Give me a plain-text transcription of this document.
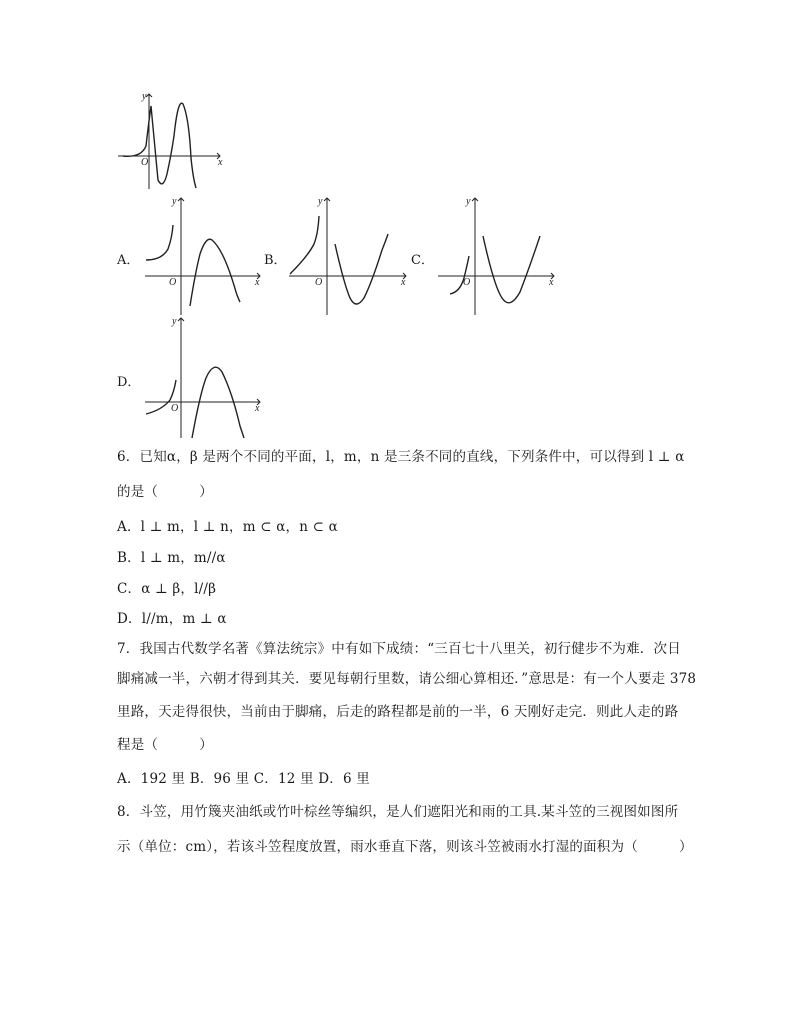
y
x
O
A．
y
x
O
B．
y
x
O
C．
y
x
O
D．
y
x
O
6．已知α，β 是两个不同的平面，l，m，n 是三条不同的直线，下列条件中，可以得到 l ⊥ α
的是（　　　）
A．l ⊥ m，l ⊥ n，m ⊂ α，n ⊂ α
B．l ⊥ m，m//α
C．α ⊥ β，l//β
D．l//m，m ⊥ α
7．我国古代数学名著《算法统宗》中有如下成绩：“三百七十八里关，初行健步不为难．次日
脚痛减一半，六朝才得到其关．要见每朝行里数，请公细心算相还．”意思是：有一个人要走 378
里路，天走得很快，当前由于脚痛，后走的路程都是前的一半，6 天刚好走完．则此人走的路
程是（　　　）
A．192 里 B．96 里 C．12 里 D．6 里
8．斗笠，用竹篾夹油纸或竹叶棕丝等编织，是人们遮阳光和雨的工具.某斗笠的三视图如图所
示（单位：cm），若该斗笠程度放置，雨水垂直下落，则该斗笠被雨水打湿的面积为（　　　）
